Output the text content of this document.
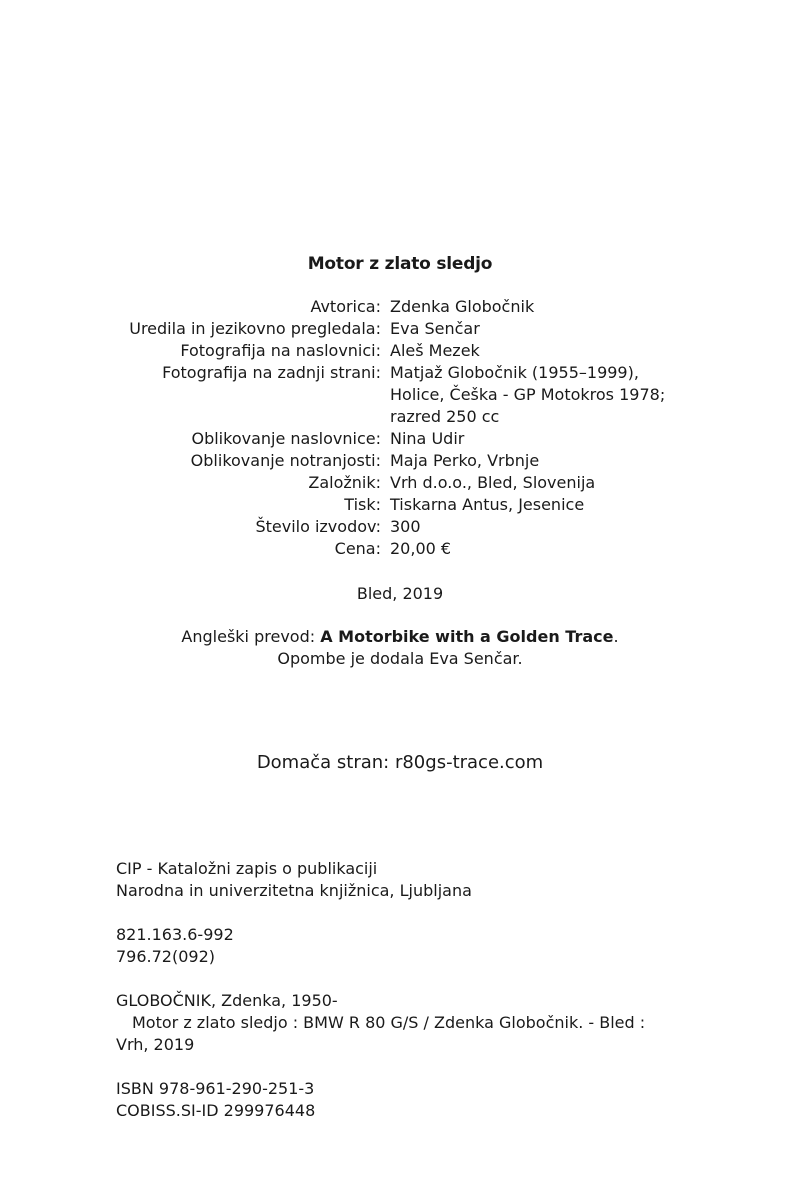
Motor z zlato sledjo
Avtorica: Zdenka Globočnik
Uredila in jezikovno pregledala: Eva Senčar
Fotografija na naslovnici: Aleš Mezek
Fotografija na zadnji strani: Matjaž Globočnik (1955–1999),
Holice, Češka - GP Motokros 1978;
razred 250 cc
Oblikovanje naslovnice: Nina Udir
Oblikovanje notranjosti: Maja Perko, Vrbnje
Založnik: Vrh d.o.o., Bled, Slovenija
Tisk: Tiskarna Antus, Jesenice
Število izvodov: 300
Cena: 20,00 €
Bled, 2019
Angleški prevod: A Motorbike with a Golden Trace.
Opombe je dodala Eva Senčar.
Domača stran: r80gs-trace.com
CIP - Kataložni zapis o publikaciji
Narodna in univerzitetna knjižnica, Ljubljana
821.163.6-992
796.72(092)
GLOBOČNIK, Zdenka, 1950-
Motor z zlato sledjo : BMW R 80 G/S / Zdenka Globočnik. - Bled :
Vrh, 2019
ISBN 978-961-290-251-3
COBISS.SI-ID 299976448
